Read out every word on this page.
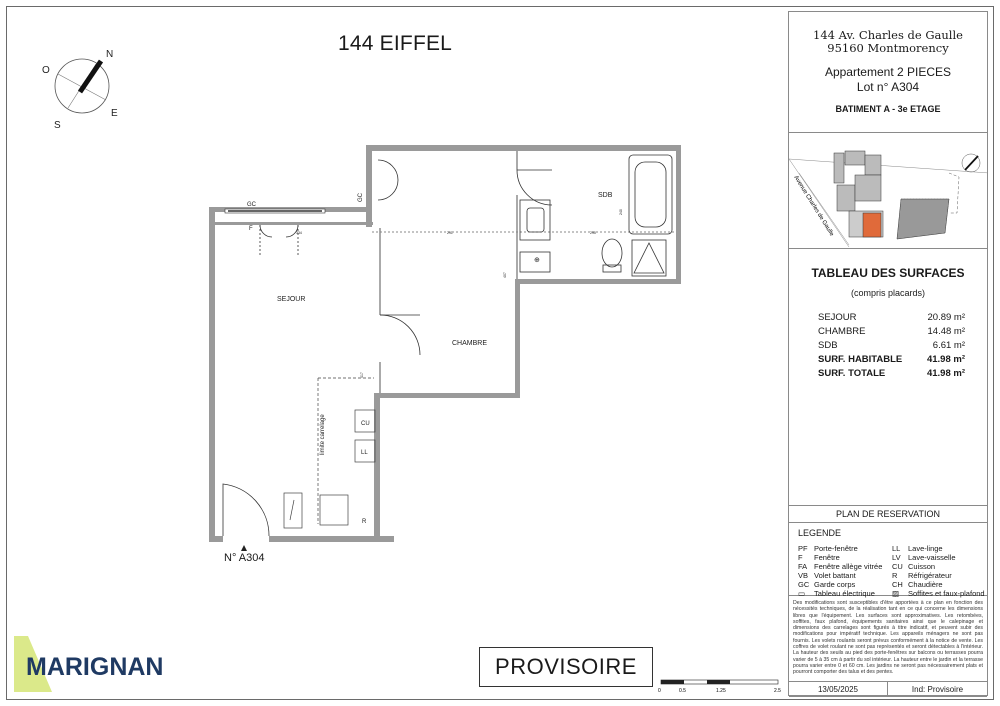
144 EIFFEL
N
O
S
E
⊕
SEJOUR
CHAMBRE
SDB
GC
F
R
CU
LL
GC
limite carrelage
334	291	295
407
417
240
N° A304
MARIGNAN	PROVISOIRE
0	0.5	1.25	2.5
144 Av. Charles de Gaulle
95160 Montmorency
Appartement 2 PIECES
Lot n° A304
BATIMENT A - 3e ETAGE
Avenue Charles de Gaulle
TABLEAU DES SURFACES
(compris placards)
SEJOUR	20.89 m²
CHAMBRE	14.48 m²
SDB	6.61 m²
SURF. HABITABLE	41.98 m²
SURF. TOTALE	41.98 m²
PLAN DE RESERVATION
LEGENDE
PF Porte-fenêtre
F Fenêtre
FA Fenêtre allège vitrée
VB Volet battant
GC Garde corps
▭ Tableau électrique
LL Lave-linge
LV Lave-vaisselle
CU Cuisson
R Réfrigérateur
CH Chaudière
▨ Soffites et faux-plafond

Des modifications sont susceptibles d'être apportées à ce plan en fonction des nécessités techniques, de la réalisation tant en ce qui concerne les dimensions libres que l'équipement. Les surfaces sont approximatives. Les retombées, soffites, faux plafond, équipements sanitaires ainsi que le calepinage et dimensions des carrelages sont figurés à titre indicatif, et peuvent subir des modifications pour impératif technique. Les appareils ménagers ne sont pas fournis. Les volets roulants seront prévus conformément à la notice de vente. Les coffres de volet roulant ne sont pas représentés et seront détectables à l'intérieur. La hauteur des seuils au pied des porte-fenêtres sur balcons ou terrasses pourra varier de 5 à 35 cm à partir du sol intérieur. La hauteur entre le jardin et la terrasse pourra varier entre 0 et 60 cm. Les jardins ne seront pas nécessairement plats et pourront comporter des talus et des pentes.

13/05/2025	Ind: Provisoire
